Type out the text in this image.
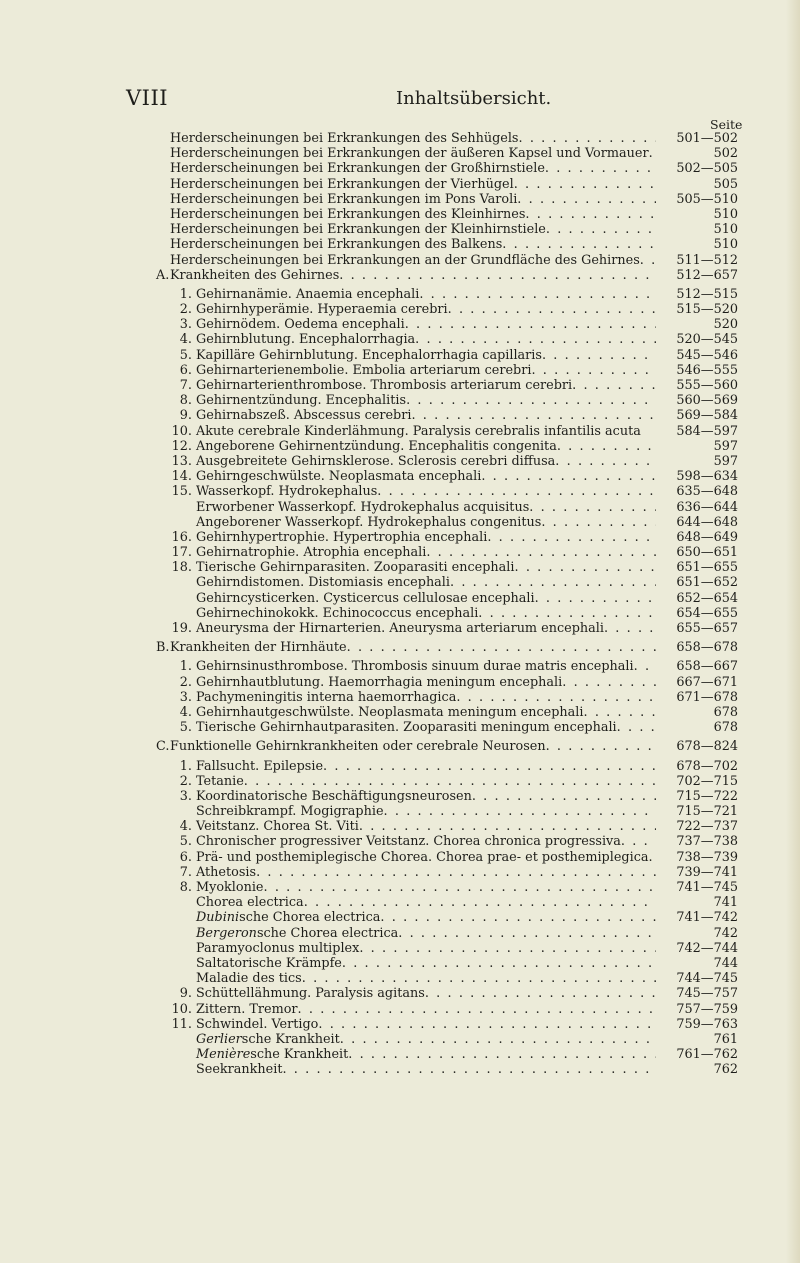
VIII	Inhaltsübersicht.
Seite
Herderscheinungen bei Erkrankungen des Sehhügels . . .	501—502
Herderscheinungen bei Erkrankungen der äußeren Kapsel und Vormauer . . .	502
Herderscheinungen bei Erkrankungen der Großhirnstiele . . .	502—505
Herderscheinungen bei Erkrankungen der Vierhügel . . .	505
Herderscheinungen bei Erkrankungen im Pons Varoli . . .	505—510
Herderscheinungen bei Erkrankungen des Kleinhirnes . . .	510
Herderscheinungen bei Erkrankungen der Kleinhirnstiele . . .	510
Herderscheinungen bei Erkrankungen des Balkens . . .	510
Herderscheinungen bei Erkrankungen an der Grundfläche des Gehirnes . . .	511—512
A. Krankheiten des Gehirnes . . .	512—657
1. Gehirnanämie. Anaemia encephali . . .	512—515
2. Gehirnhyperämie. Hyperaemia cerebri . . .	515—520
3. Gehirnödem. Oedema encephali . . .	520
4. Gehirnblutung. Encephalorrhagia . . .	520—545
5. Kapilläre Gehirnblutung. Encephalorrhagia capillaris . . .	545—546
6. Gehirnarterienembolie. Embolia arteriarum cerebri . . .	546—555
7. Gehirnarterienthrombose. Thrombosis arteriarum cerebri . . .	555—560
8. Gehirnentzündung. Encephalitis . . .	560—569
9. Gehirnabszeß. Abscessus cerebri . . .	569—584
10. Akute cerebrale Kinderlähmung. Paralysis cerebralis infantilis acuta	584—597
12. Angeborene Gehirnentzündung. Encephalitis congenita . . .	597
13. Ausgebreitete Gehirnsklerose. Sclerosis cerebri diffusa . . .	597
14. Gehirngeschwülste. Neoplasmata encephali . . .	598—634
15. Wasserkopf. Hydrokephalus . . .	635—648
Erworbener Wasserkopf. Hydrokephalus acquisitus . . .	636—644
Angeborener Wasserkopf. Hydrokephalus congenitus . . .	644—648
16. Gehirnhypertrophie. Hypertrophia encephali . . .	648—649
17. Gehirnatrophie. Atrophia encephali . . .	650—651
18. Tierische Gehirnparasiten. Zooparasiti encephali . . .	651—655
Gehirndistomen. Distomiasis encephali . . .	651—652
Gehirncysticerken. Cysticercus cellulosae encephali . . .	652—654
Gehirnechinokokk. Echinococcus encephali . . .	654—655
19. Aneurysma der Hirnarterien. Aneurysma arteriarum encephali . . .	655—657
B. Krankheiten der Hirnhäute . . .	658—678
1. Gehirnsinusthrombose. Thrombosis sinuum durae matris encephali . . .	658—667
2. Gehirnhautblutung. Haemorrhagia meningum encephali . . .	667—671
3. Pachymeningitis interna haemorrhagica . . .	671—678
4. Gehirnhautgeschwülste. Neoplasmata meningum encephali . . .	678
5. Tierische Gehirnhautparasiten. Zooparasiti meningum encephali . . .	678
C. Funktionelle Gehirnkrankheiten oder cerebrale Neurosen . . .	678—824
1. Fallsucht. Epilepsie . . .	678—702
2. Tetanie . . .	702—715
3. Koordinatorische Beschäftigungsneurosen . . .	715—722
Schreibkrampf. Mogigraphie . . .	715—721
4. Veitstanz. Chorea St. Viti . . .	722—737
5. Chronischer progressiver Veitstanz. Chorea chronica progressiva . . .	737—738
6. Prä- und posthemiplegische Chorea. Chorea prae- et posthemiplegica . . .	738—739
7. Athetosis . . .	739—741
8. Myoklonie . . .	741—745
Chorea electrica . . .	741
Dubinische Chorea electrica . . .	741—742
Bergeronsche Chorea electrica . . .	742
Paramyoclonus multiplex . . .	742—744
Saltatorische Krämpfe . . .	744
Maladie des tics . . .	744—745
9. Schüttellähmung. Paralysis agitans . . .	745—757
10. Zittern. Tremor . . .	757—759
11. Schwindel. Vertigo . . .	759—763
Gerliersche Krankheit . . .	761
Menièresche Krankheit . . .	761—762
Seekrankheit . . .	762
